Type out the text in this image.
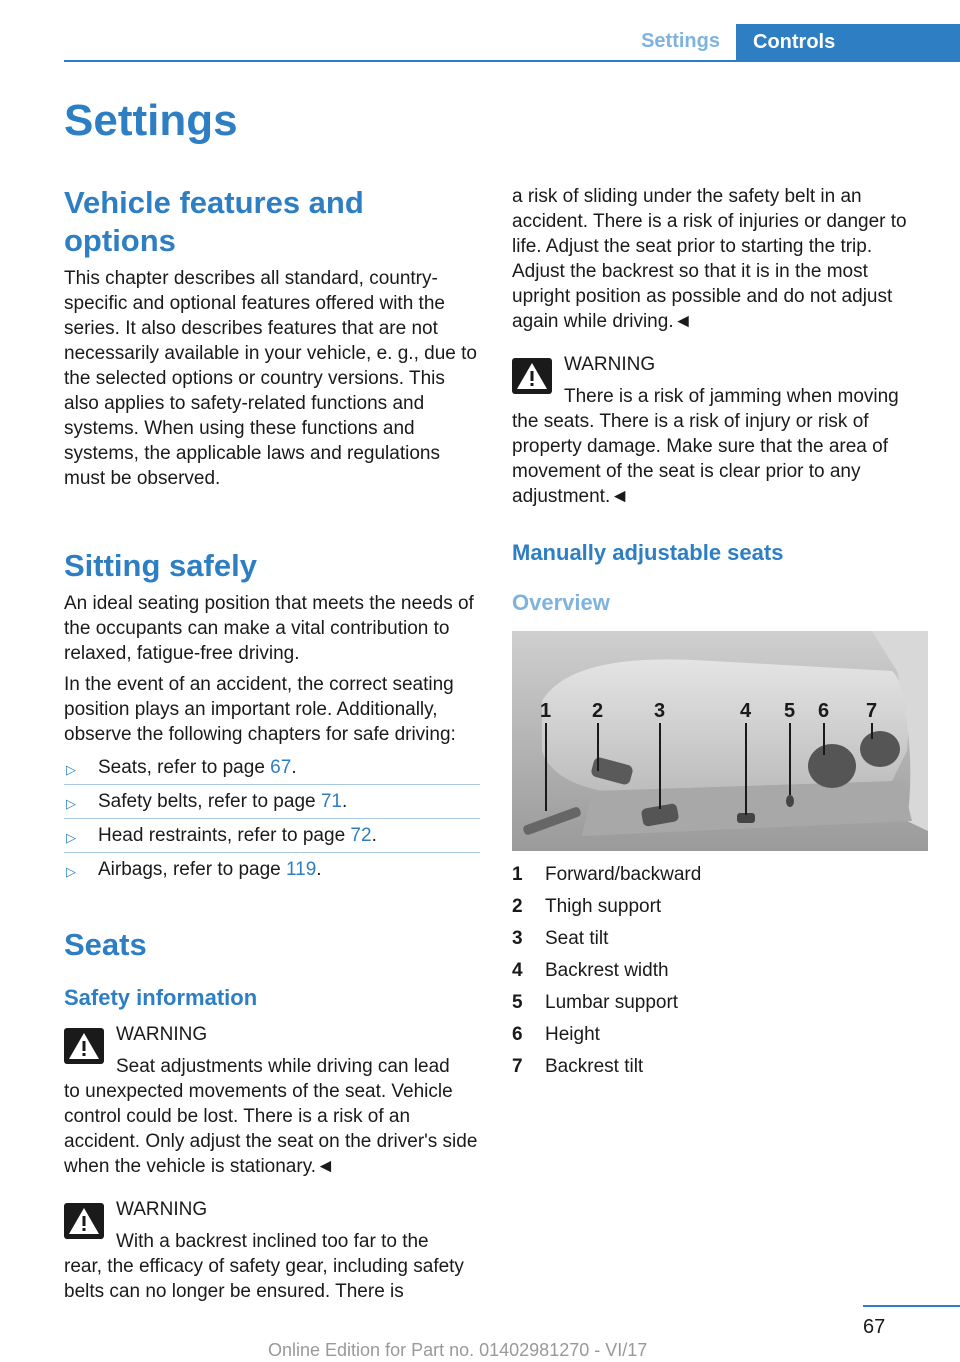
Settings	Controls
Settings
Vehicle features and options

This chapter describes all standard, country-specific and optional features offered with the series. It also describes features that are not necessarily available in your vehicle, e. g., due to the selected options or country versions. This also applies to safety-related functions and systems. When using these functions and systems, the applicable laws and regulations must be observed.

Sitting safely

An ideal seating position that meets the needs of the occupants can make a vital contribution to relaxed, fatigue-free driving.

In the event of an accident, the correct seating position plays an important role. Additionally, observe the following chapters for safe driving:

▷ Seats, refer to page 67.
▷ Safety belts, refer to page 71.
▷ Head restraints, refer to page 72.
▷ Airbags, refer to page 119.
Seats
Safety information
WARNING
Seat adjustments while driving can lead

to unexpected movements of the seat. Vehicle control could be lost. There is a risk of an accident. Only adjust the seat on the driver's side when the vehicle is stationary.◄

WARNING
With a backrest inclined too far to the

rear, the efficacy of safety gear, including safety belts can no longer be ensured. There is

a risk of sliding under the safety belt in an accident. There is a risk of injuries or danger to life. Adjust the seat prior to starting the trip. Adjust the backrest so that it is in the most upright position as possible and do not adjust again while driving.◄

WARNING
There is a risk of jamming when moving

the seats. There is a risk of injury or risk of property damage. Make sure that the area of movement of the seat is clear prior to any adjustment.◄

Manually adjustable seats
Overview
1 2	3	4 5 6 7
1	Forward/backward
2	Thigh support
3	Seat tilt
4	Backrest width
5	Lumbar support
6	Height
7	Backrest tilt
67
Online Edition for Part no. 01402981270 - VI/17
